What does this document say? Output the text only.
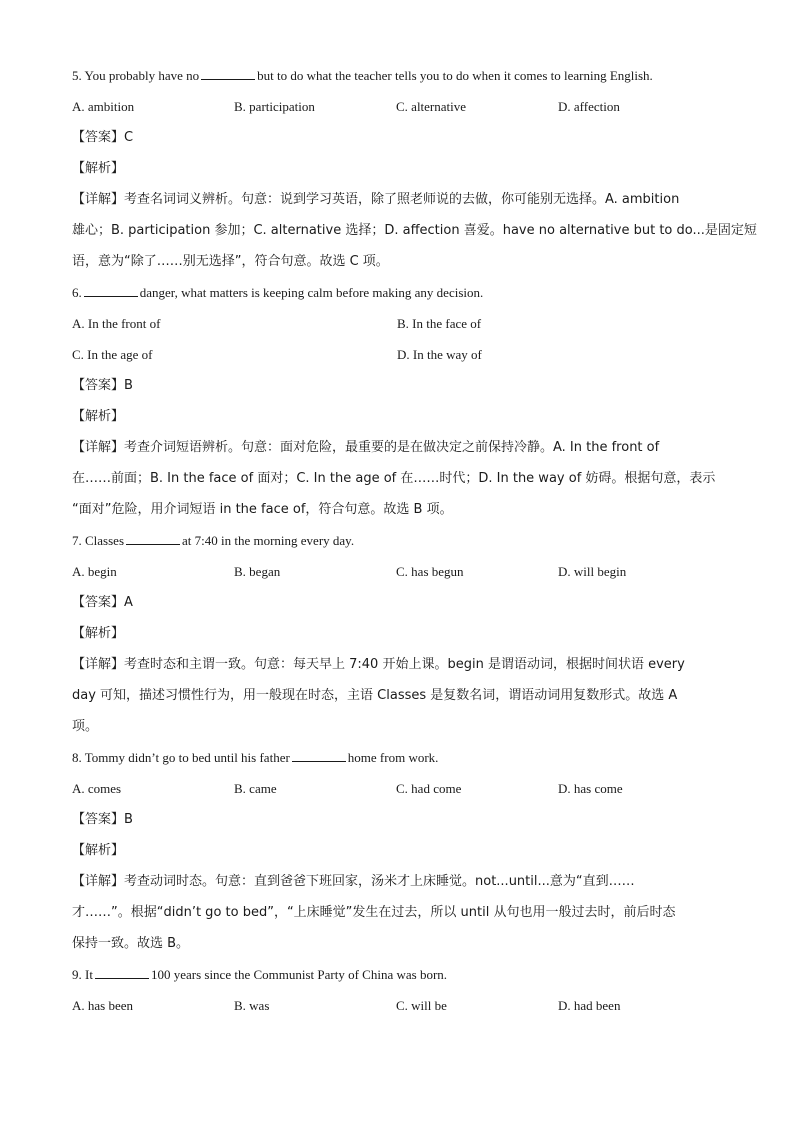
5. You probably have no	but to do what the teacher tells you to do when it comes to learning English.
A. ambition	B. participation	C. alternative	D. affection
【答案】C
【解析】
【详解】考查名词词义辨析。句意：说到学习英语，除了照老师说的去做，你可能别无选择。A. ambition
雄心；B. participation 参加；C. alternative 选择；D. affection 喜爱。have no alternative but to do...是固定短
语，意为“除了……别无选择”，符合句意。故选 C 项。
6.	danger, what matters is keeping calm before making any decision.
A. In the front of	B. In the face of
C. In the age of	D. In the way of
【答案】B
【解析】
【详解】考查介词短语辨析。句意：面对危险，最重要的是在做决定之前保持冷静。A. In the front of
在……前面；B. In the face of 面对；C. In the age of 在……时代；D. In the way of 妨碍。根据句意，表示
“面对”危险，用介词短语 in the face of，符合句意。故选 B 项。
7. Classes	at 7:40 in the morning every day.
A. begin	B. began	C. has begun	D. will begin
【答案】A
【解析】
【详解】考查时态和主谓一致。句意：每天早上 7:40 开始上课。begin 是谓语动词，根据时间状语 every
day 可知，描述习惯性行为，用一般现在时态，主语 Classes 是复数名词，谓语动词用复数形式。故选 A
项。
8. Tommy didn’t go to bed until his father	home from work.
A. comes	B. came	C. had come	D. has come
【答案】B
【解析】
【详解】考查动词时态。句意：直到爸爸下班回家，汤米才上床睡觉。not...until...意为“直到……
才……”。根据“didn’t go to bed”，“上床睡觉”发生在过去，所以 until 从句也用一般过去时，前后时态
保持一致。故选 B。
9. It	100 years since the Communist Party of China was born.
A. has been	B. was	C. will be	D. had been
